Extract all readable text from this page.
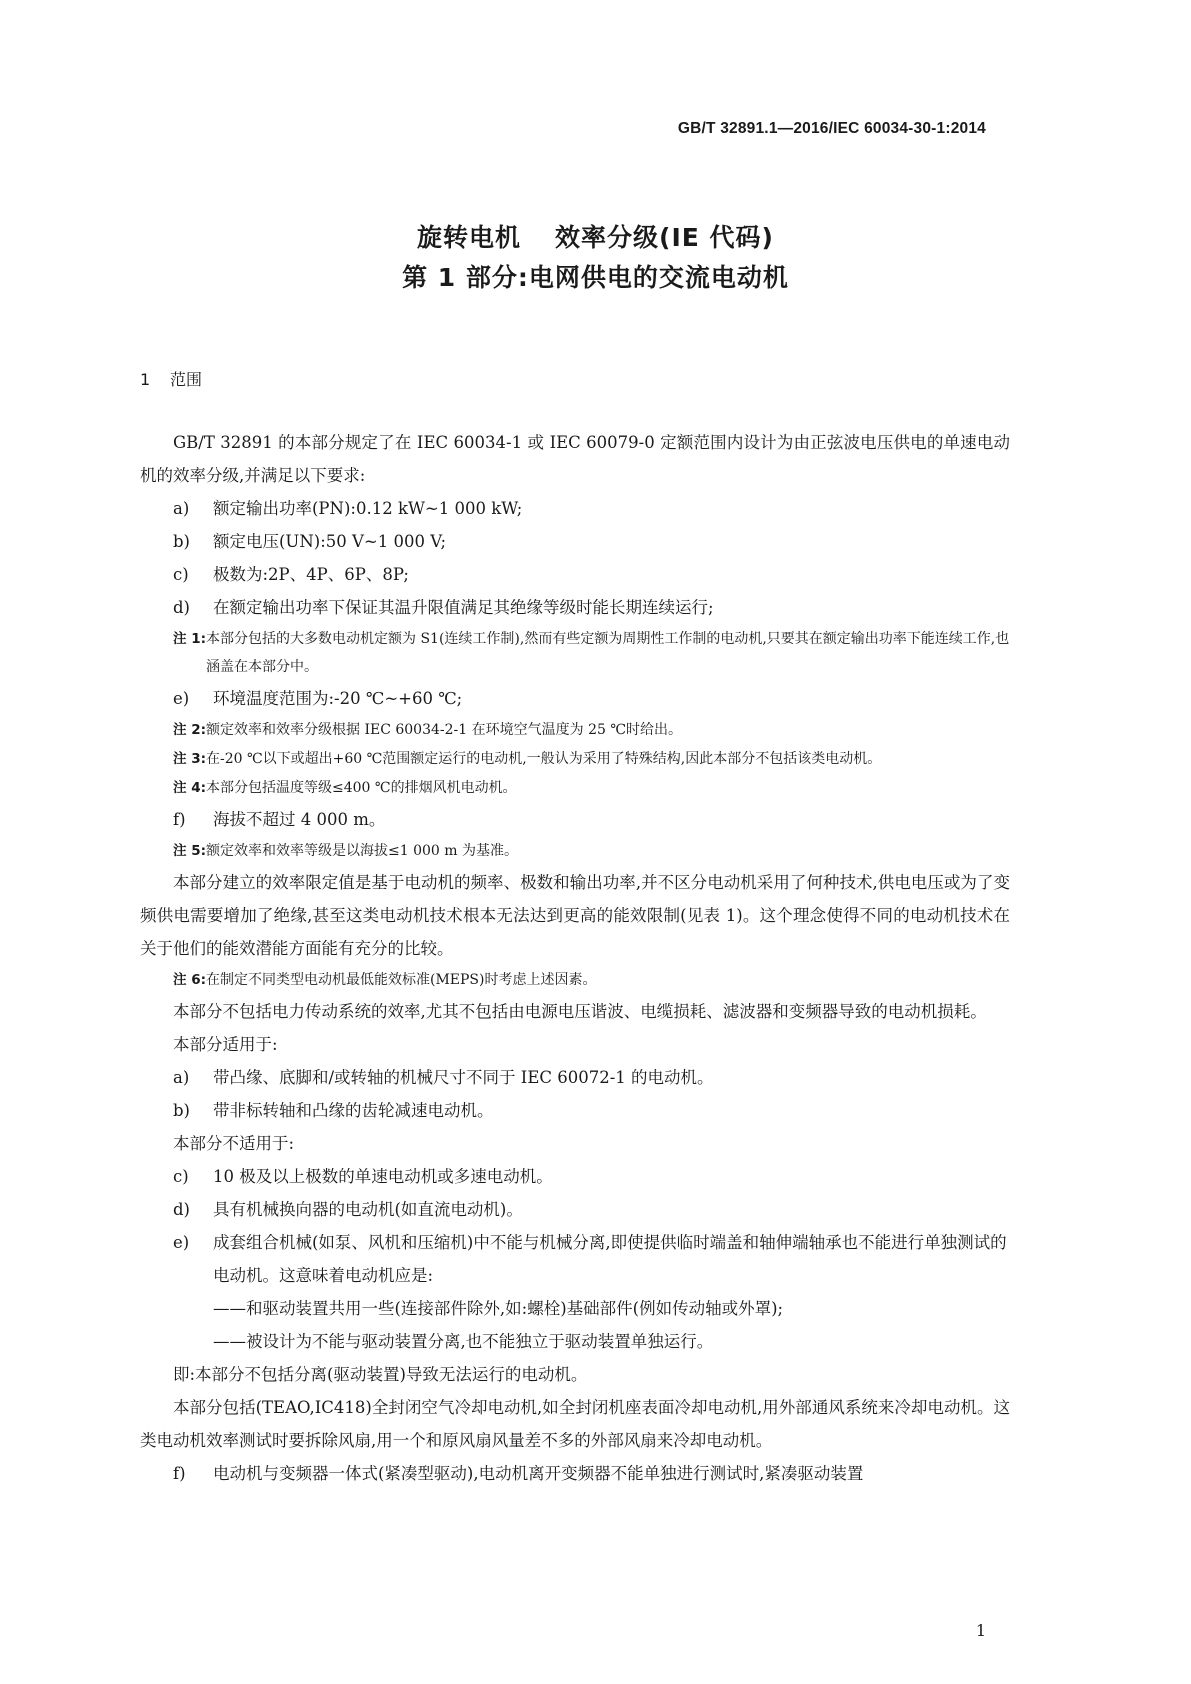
GB/T 32891.1—2016/IEC 60034-30-1:2014
旋转电机 效率分级(IE 代码)
第 1 部分:电网供电的交流电动机
1 范围

GB/T 32891 的本部分规定了在 IEC 60034-1 或 IEC 60079-0 定额范围内设计为由正弦波电压供电的单速电动机的效率分级,并满足以下要求:

a)	额定输出功率(PN):0.12 kW~1 000 kW;
b)	额定电压(UN):50 V~1 000 V;
c)	极数为:2P、4P、6P、8P;
d)	在额定输出功率下保证其温升限值满足其绝缘等级时能长期连续运行;
注 1: 本部分包括的大多数电动机定额为 S1(连续工作制),然而有些定额为周期性工作制的电动机,只要其在额定输出功率下能连续工作,也涵盖在本部分中。
e)	环境温度范围为:-20 ℃~+60 ℃;
注 2: 额定效率和效率分级根据 IEC 60034-2-1 在环境空气温度为 25 ℃时给出。
注 3: 在-20 ℃以下或超出+60 ℃范围额定运行的电动机,一般认为采用了特殊结构,因此本部分不包括该类电动机。
注 4: 本部分包括温度等级≤400 ℃的排烟风机电动机。
f)	海拔不超过 4 000 m。
注 5: 额定效率和效率等级是以海拔≤1 000 m 为基准。

本部分建立的效率限定值是基于电动机的频率、极数和输出功率,并不区分电动机采用了何种技术,供电电压或为了变频供电需要增加了绝缘,甚至这类电动机技术根本无法达到更高的能效限制(见表 1)。这个理念使得不同的电动机技术在关于他们的能效潜能方面能有充分的比较。

注 6: 在制定不同类型电动机最低能效标准(MEPS)时考虑上述因素。

本部分不包括电力传动系统的效率,尤其不包括由电源电压谐波、电缆损耗、滤波器和变频器导致的电动机损耗。

本部分适用于:

a)	带凸缘、底脚和/或转轴的机械尺寸不同于 IEC 60072-1 的电动机。
b)	带非标转轴和凸缘的齿轮减速电动机。

本部分不适用于:

c)	10 极及以上极数的单速电动机或多速电动机。
d)	具有机械换向器的电动机(如直流电动机)。
e)	成套组合机械(如泵、风机和压缩机)中不能与机械分离,即使提供临时端盖和轴伸端轴承也不能进行单独测试的电动机。这意味着电动机应是:
——和驱动装置共用一些(连接部件除外,如:螺栓)基础部件(例如传动轴或外罩);
——被设计为不能与驱动装置分离,也不能独立于驱动装置单独运行。

即:本部分不包括分离(驱动装置)导致无法运行的电动机。

本部分包括(TEAO,IC418)全封闭空气冷却电动机,如全封闭机座表面冷却电动机,用外部通风系统来冷却电动机。这类电动机效率测试时要拆除风扇,用一个和原风扇风量差不多的外部风扇来冷却电动机。

f)	电动机与变频器一体式(紧凑型驱动),电动机离开变频器不能单独进行测试时,紧凑驱动装置
1
